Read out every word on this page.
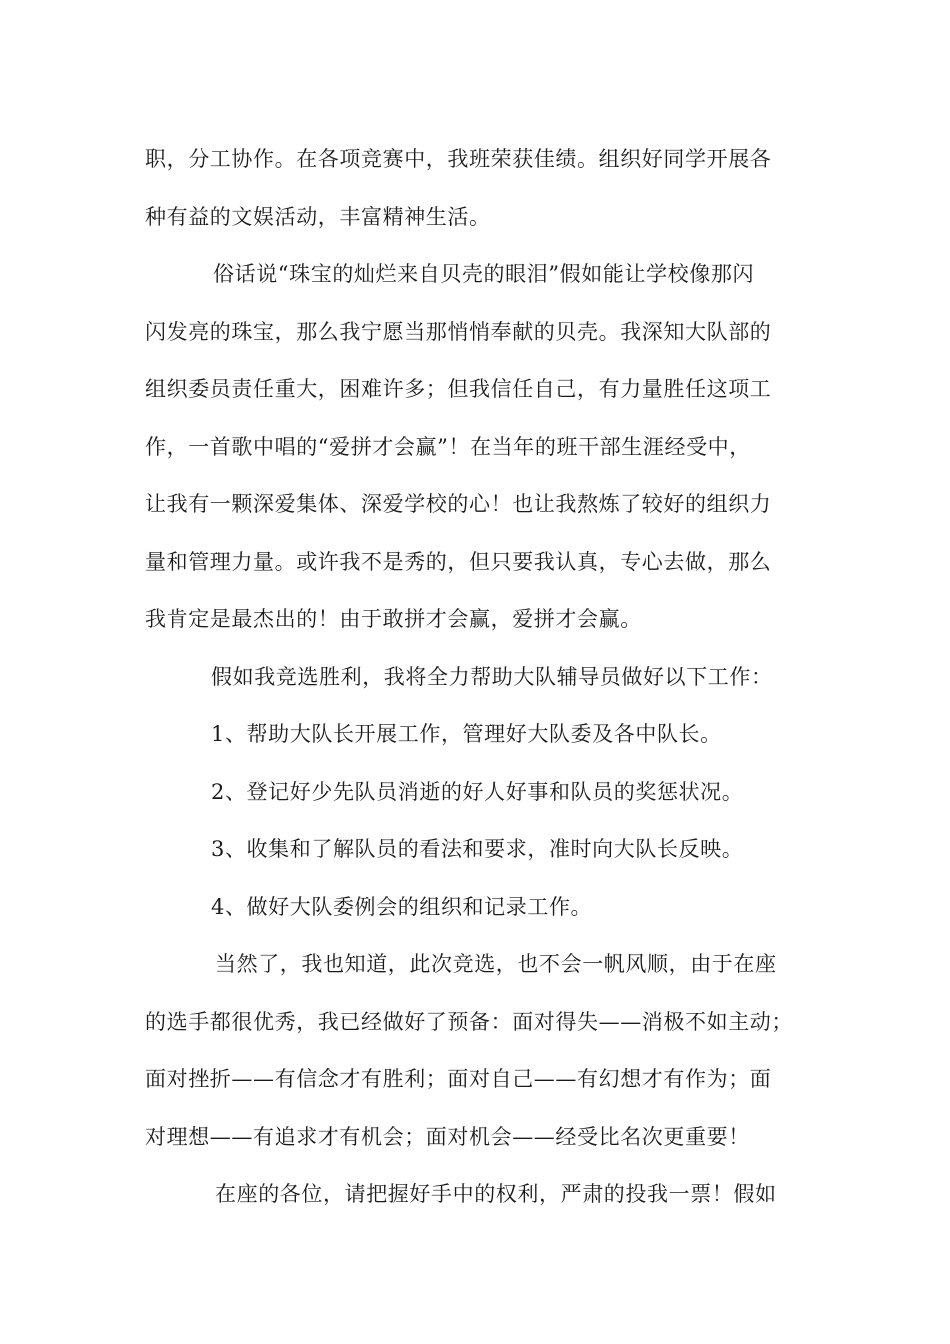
职，分工协作。在各项竞赛中，我班荣获佳绩。组织好同学开展各
种有益的文娱活动，丰富精神生活。
俗话说“珠宝的灿烂来自贝壳的眼泪”假如能让学校像那闪
闪发亮的珠宝，那么我宁愿当那悄悄奉献的贝壳。我深知大队部的
组织委员责任重大，困难许多；但我信任自己，有力量胜任这项工
作，一首歌中唱的“爱拼才会赢”！在当年的班干部生涯经受中，
让我有一颗深爱集体、深爱学校的心！也让我熬炼了较好的组织力
量和管理力量。或许我不是秀的，但只要我认真，专心去做，那么
我肯定是最杰出的！由于敢拼才会赢，爱拼才会赢。
假如我竞选胜利，我将全力帮助大队辅导员做好以下工作：
1、帮助大队长开展工作，管理好大队委及各中队长。
2、登记好少先队员消逝的好人好事和队员的奖惩状况。
3、收集和了解队员的看法和要求，准时向大队长反映。
4、做好大队委例会的组织和记录工作。
当然了，我也知道，此次竞选，也不会一帆风顺，由于在座
的选手都很优秀，我已经做好了预备：面对得失——消极不如主动；
面对挫折——有信念才有胜利；面对自己——有幻想才有作为；面
对理想——有追求才有机会；面对机会——经受比名次更重要！
在座的各位，请把握好手中的权利，严肃的投我一票！假如
